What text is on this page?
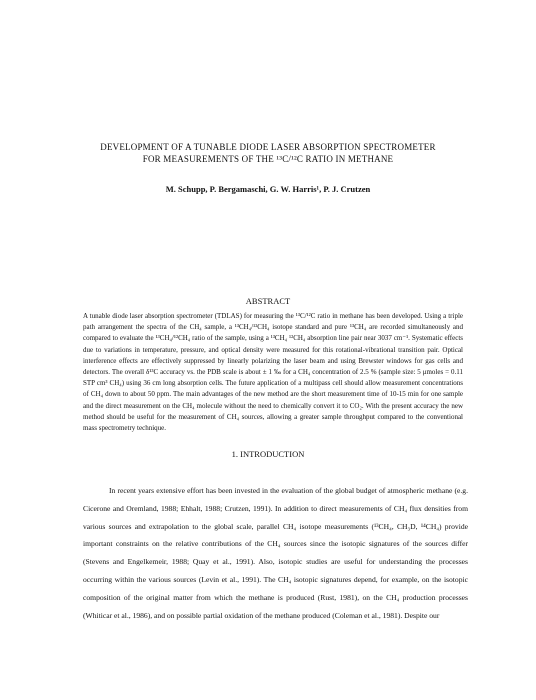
DEVELOPMENT OF A TUNABLE DIODE LASER ABSORPTION SPECTROMETER
FOR MEASUREMENTS OF THE ¹³C/¹²C RATIO IN METHANE
M. Schupp, P. Bergamaschi, G. W. Harris¹, P. J. Crutzen
ABSTRACT
A tunable diode laser absorption spectrometer (TDLAS) for measuring the ¹³C/¹²C ratio in methane has been developed. Using a triple path arrangement the spectra of the CH₄ sample, a ¹³CH₄/¹²CH₄ isotope standard and pure ¹³CH₄ are recorded simultaneously and compared to evaluate the ¹³CH₄/¹²CH₄ ratio of the sample, using a ¹³CH₄ ¹²CH₄ absorption line pair near 3037 cm⁻¹. Systematic effects due to variations in temperature, pressure, and optical density were measured for this rotational-vibrational transition pair. Optical interference effects are effectively suppressed by linearly polarizing the laser beam and using Brewster windows for gas cells and detectors. The overall δ¹³C accuracy vs. the PDB scale is about ± 1 ‰ for a CH₄ concentration of 2.5 % (sample size: 5 μmoles = 0.11 STP cm³ CH₄) using 36 cm long absorption cells. The future application of a multipass cell should allow measurement concentrations of CH₄ down to about 50 ppm. The main advantages of the new method are the short measurement time of 10-15 min for one sample and the direct measurement on the CH₄ molecule without the need to chemically convert it to CO₂. With the present accuracy the new method should be useful for the measurement of CH₄ sources, allowing a greater sample throughput compared to the conventional mass spectrometry technique.
1. INTRODUCTION
In recent years extensive effort has been invested in the evaluation of the global budget of atmospheric methane (e.g. Cicerone and Oremland, 1988; Ehhalt, 1988; Crutzen, 1991). In addition to direct measurements of CH₄ flux densities from various sources and extrapolation to the global scale, parallel CH₄ isotope measurements (¹³CH₄, CH₃D, ¹⁴CH₄) provide important constraints on the relative contributions of the CH₄ sources since the isotopic signatures of the sources differ (Stevens and Engelkemeir, 1988; Quay et al., 1991). Also, isotopic studies are useful for understanding the processes occurring within the various sources (Levin et al., 1991). The CH₄ isotopic signatures depend, for example, on the isotopic composition of the original matter from which the methane is produced (Rust, 1981), on the CH₄ production processes (Whiticar et al., 1986), and on possible partial oxidation of the methane produced (Coleman et al., 1981). Despite our
